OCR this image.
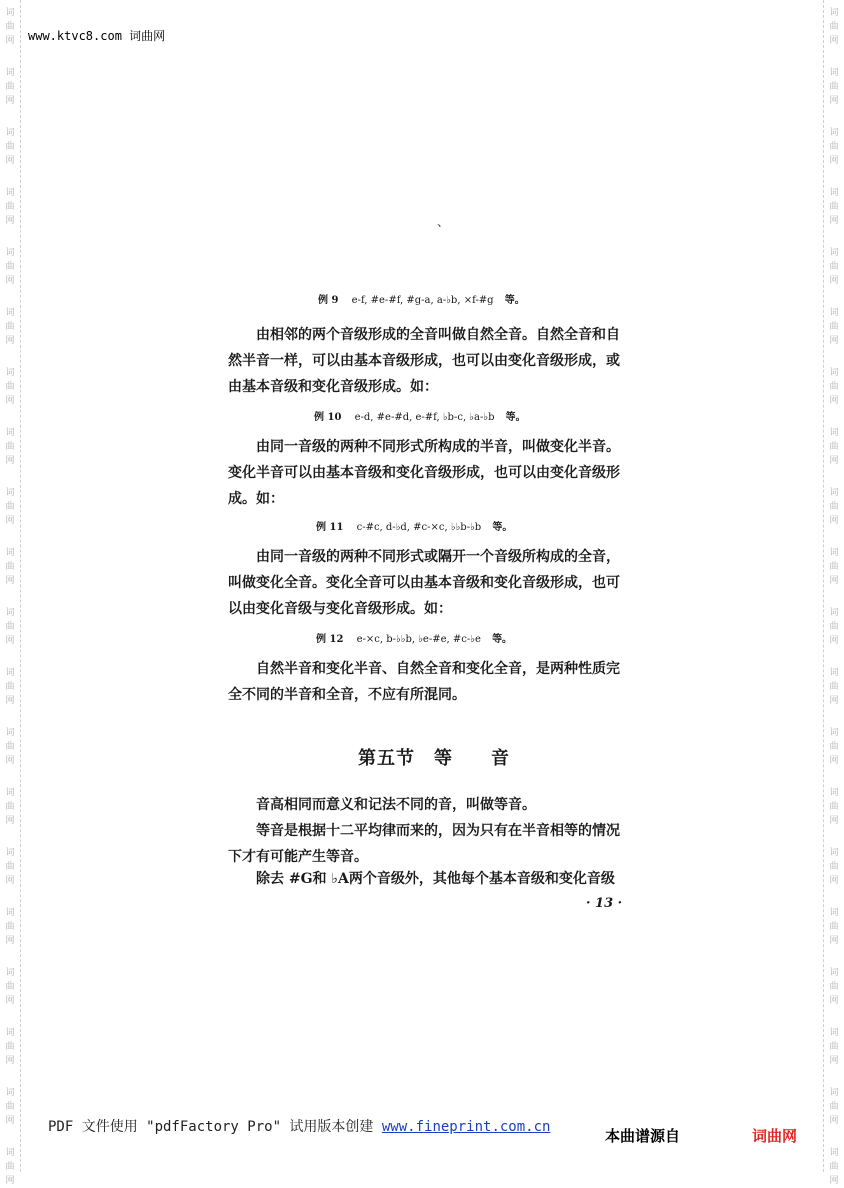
词
曲
网
词
曲
网
词
曲
网
词
曲
网
词
曲
网
词
曲
网
词
曲
网
词
曲
网
词
曲
网
词
曲
网
词
曲
网
词
曲
网
词
曲
网
词
曲
网
词
曲
网
词
曲
网
词
曲
网
词
曲
网
词
曲
网
词
曲
网
词
曲
网
词
曲
网
词
曲
网
词
曲
网
词
曲
网
词
曲
网
词
曲
网
词
曲
网
词
曲
网
词
曲
网
词
曲
网
词
曲
网
词
曲
网
词
曲
网
词
曲
网
词
曲
网
词
曲
网
词
曲
网
词
曲
网
词
曲
网
www.ktvc8.com 词曲网
、
例 9 e-f, #e-#f, #g-a, a-♭b, ×f-#g 等。

由相邻的两个音级形成的全音叫做自然全音。自然全音和自然半音一样，可以由基本音级形成，也可以由变化音级形成，或由基本音级和变化音级形成。如：

例 10 e-d, #e-#d, e-#f, ♭b-c, ♭a-♭b 等。

由同一音级的两种不同形式所构成的半音，叫做变化半音。变化半音可以由基本音级和变化音级形成，也可以由变化音级形成。如：

例 11 c-#c, d-♭d, #c-×c, ♭♭b-♭b 等。

由同一音级的两种不同形式或隔开一个音级所构成的全音，叫做变化全音。变化全音可以由基本音级和变化音级形成，也可以由变化音级与变化音级形成。如：

例 12 e-×c, b-♭♭b, ♭e-#e, #c-♭e 等。

自然半音和变化半音、自然全音和变化全音，是两种性质完全不同的半音和全音，不应有所混同。

第五节　等　　音

音高相同而意义和记法不同的音，叫做等音。

等音是根据十二平均律而来的，因为只有在半音相等的情况下才有可能产生等音。

除去 #G和 ♭A两个音级外，其他每个基本音级和变化音级

· 13 ·
PDF 文件使用 "pdfFactory Pro" 试用版本创建 www.fineprint.com.cn	本曲谱源自	词曲网
